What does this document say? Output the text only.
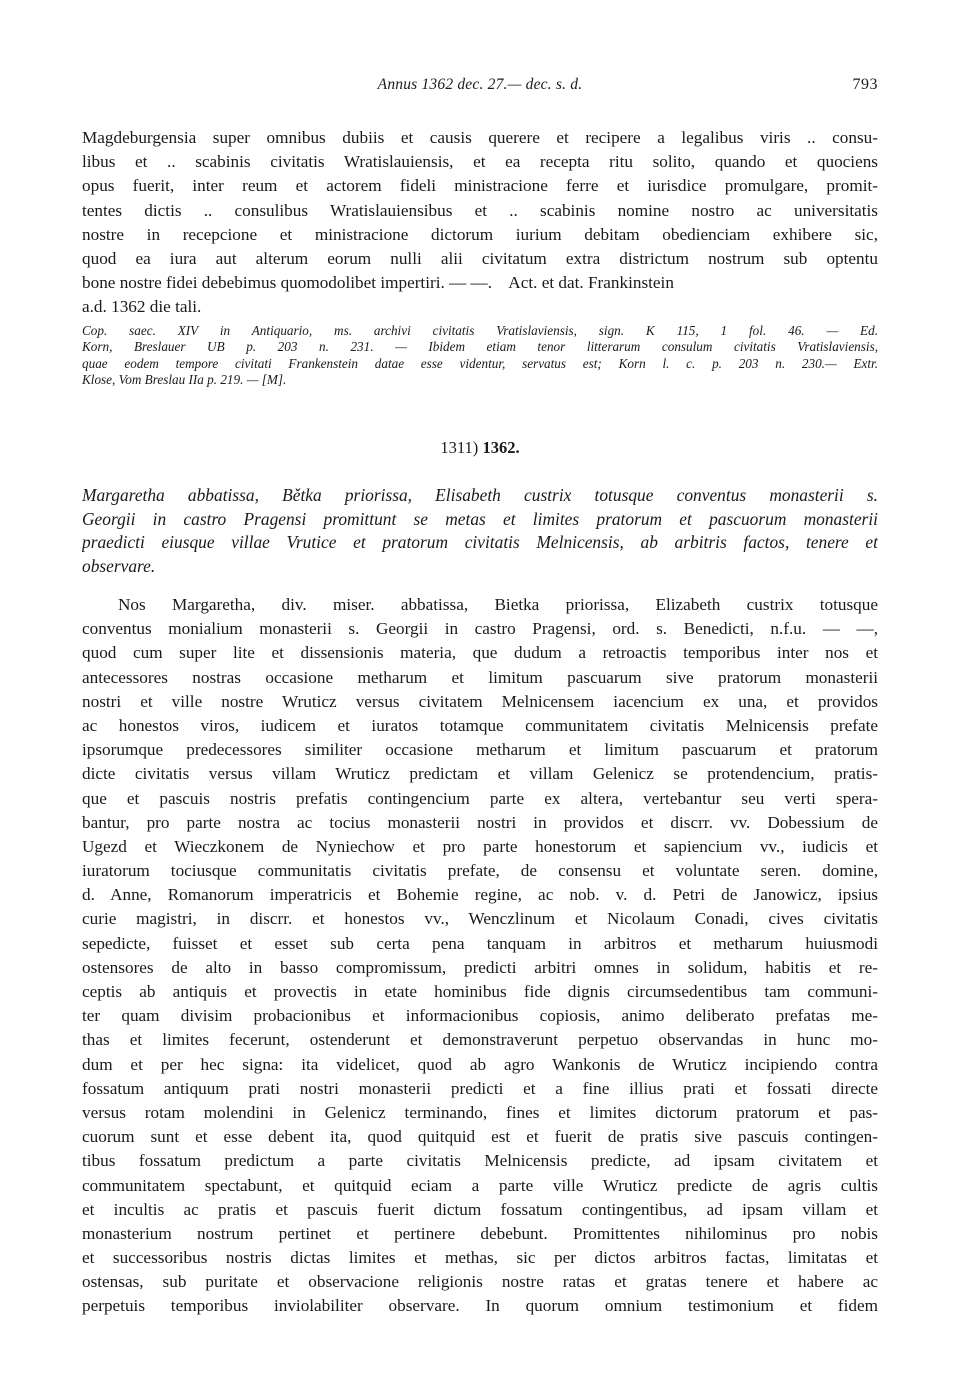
Annus 1362 dec. 27.— dec. s. d.	793
Magdeburgensia super omnibus dubiis et causis querere et recipere a legalibus viris .. consu-
libus et .. scabinis civitatis Wratislauiensis, et ea recepta ritu solito, quando et quociens
opus fuerit, inter reum et actorem fideli ministracione ferre et iurisdice promulgare, promit-
tentes dictis .. consulibus Wratislauiensibus et .. scabinis nomine nostro ac universitatis
nostre in recepcione et ministracione dictorum iurium debitam obedienciam exhibere sic,
quod ea iura aut alterum eorum nulli alii civitatum extra districtum nostrum sub optentu
bone nostre fidei debebimus quomodolibet impertiri. — —.    Act. et dat. Frankinstein
a.d. 1362 die tali.
Cop. saec. XIV in Antiquario, ms. archivi civitatis Vratislaviensis, sign. K 115, 1 fol. 46. — Ed.
Korn, Breslauer UB p. 203 n. 231. — Ibidem etiam tenor litterarum consulum civitatis Vratislaviensis,
quae eodem tempore civitati Frankenstein datae esse videntur, servatus est; Korn l. c. p. 203 n. 230.— Extr.
Klose, Vom Breslau IIa p. 219. — [M].
1311) 1362.
Margaretha abbatissa, Bětka priorissa, Elisabeth custrix totusque conventus monasterii s.
Georgii in castro Pragensi promittunt se metas et limites pratorum et pascuorum monasterii
praedicti eiusque villae Vrutice et pratorum civitatis Melnicensis, ab arbitris factos, tenere et
observare.
Nos Margaretha, div. miser. abbatissa, Bietka priorissa, Elizabeth custrix totusque
conventus monialium monasterii s. Georgii in castro Pragensi, ord. s. Benedicti, n.f.u. — —,
quod cum super lite et dissensionis materia, que dudum a retroactis temporibus inter nos et
antecessores nostras occasione metharum et limitum pascuarum sive pratorum monasterii
nostri et ville nostre Wruticz versus civitatem Melnicensem iacencium ex una, et providos
ac honestos viros, iudicem et iuratos totamque communitatem civitatis Melnicensis prefate
ipsorumque predecessores similiter occasione metharum et limitum pascuarum et pratorum
dicte civitatis versus villam Wruticz predictam et villam Gelenicz se protendencium, pratis-
que et pascuis nostris prefatis contingencium parte ex altera, vertebantur seu verti spera-
bantur, pro parte nostra ac tocius monasterii nostri in providos et discrr. vv. Dobessium de
Ugezd et Wieczkonem de Nyniechow et pro parte honestorum et sapiencium vv., iudicis et
iuratorum tociusque communitatis civitatis prefate, de consensu et voluntate seren. domine,
d. Anne, Romanorum imperatricis et Bohemie regine, ac nob. v. d. Petri de Janowicz, ipsius
curie magistri, in discrr. et honestos vv., Wenczlinum et Nicolaum Conadi, cives civitatis
sepedicte, fuisset et esset sub certa pena tanquam in arbitros et metharum huiusmodi
ostensores de alto in basso compromissum, predicti arbitri omnes in solidum, habitis et re-
ceptis ab antiquis et provectis in etate hominibus fide dignis circumsedentibus tam communi-
ter quam divisim probacionibus et informacionibus copiosis, animo deliberato prefatas me-
thas et limites fecerunt, ostenderunt et demonstraverunt perpetuo observandas in hunc mo-
dum et per hec signa: ita videlicet, quod ab agro Wankonis de Wruticz incipiendo contra
fossatum antiquum prati nostri monasterii predicti et a fine illius prati et fossati directe
versus rotam molendini in Gelenicz terminando, fines et limites dictorum pratorum et pas-
cuorum sunt et esse debent ita, quod quitquid est et fuerit de pratis sive pascuis contingen-
tibus fossatum predictum a parte civitatis Melnicensis predicte, ad ipsam civitatem et
communitatem spectabunt, et quitquid eciam a parte ville Wruticz predicte de agris cultis
et incultis ac pratis et pascuis fuerit dictum fossatum contingentibus, ad ipsam villam et
monasterium nostrum pertinet et pertinere debebunt. Promittentes nihilominus pro nobis
et successoribus nostris dictas limites et methas, sic per dictos arbitros factas, limitatas et
ostensas, sub puritate et observacione religionis nostre ratas et gratas tenere et habere ac
perpetuis temporibus inviolabiliter observare. In quorum omnium testimonium et fidem
